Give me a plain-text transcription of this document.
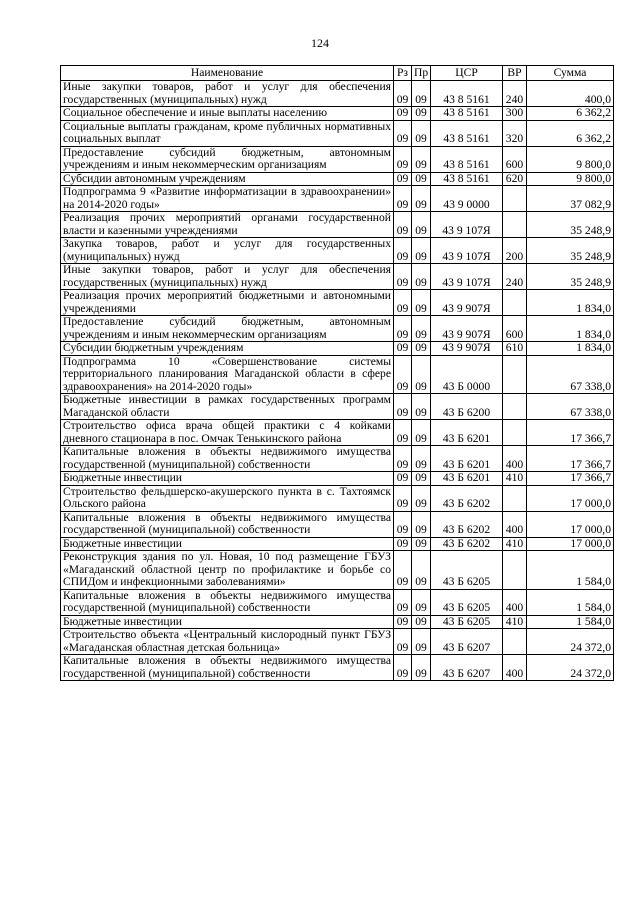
124
Наименование	Рз	Пр	ЦСР	ВР	Сумма
Иные закупки товаров, работ и услуг для обеспечения государственных (муниципальных) нужд	09	09	43 8 5161	240	400,0
Социальное обеспечение и иные выплаты населению	09	09	43 8 5161	300	6 362,2
Социальные выплаты гражданам, кроме публичных нормативных социальных выплат	09	09	43 8 5161	320	6 362,2
Предоставление субсидий бюджетным, автономным учреждениям и иным некоммерческим организациям	09	09	43 8 5161	600	9 800,0
Субсидии автономным учреждениям	09	09	43 8 5161	620	9 800,0
Подпрограмма 9 «Развитие информатизации в здравоохранении» на 2014-2020 годы»	09	09	43 9 0000		37 082,9
Реализация прочих мероприятий органами государственной власти и казенными учреждениями	09	09	43 9 107Я		35 248,9
Закупка товаров, работ и услуг для государственных (муниципальных) нужд	09	09	43 9 107Я	200	35 248,9
Иные закупки товаров, работ и услуг для обеспечения государственных (муниципальных) нужд	09	09	43 9 107Я	240	35 248,9
Реализация прочих мероприятий бюджетными и автономными учреждениями	09	09	43 9 907Я		1 834,0
Предоставление субсидий бюджетным, автономным учреждениям и иным некоммерческим организациям	09	09	43 9 907Я	600	1 834,0
Субсидии бюджетным учреждениям	09	09	43 9 907Я	610	1 834,0
Подпрограмма 10 «Совершенствование системы территориального планирования Магаданской области в сфере здравоохранения» на 2014-2020 годы»	09	09	43 Б 0000		67 338,0
Бюджетные инвестиции в рамках государственных программ Магаданской области	09	09	43 Б 6200		67 338,0
Строительство офиса врача общей практики с 4 койками дневного стационара в пос. Омчак Тенькинского района	09	09	43 Б 6201		17 366,7
Капитальные вложения в объекты недвижимого имущества государственной (муниципальной) собственности	09	09	43 Б 6201	400	17 366,7
Бюджетные инвестиции	09	09	43 Б 6201	410	17 366,7
Строительство фельдшерско-акушерского пункта в с. Тахтоямск Ольского района	09	09	43 Б 6202		17 000,0
Капитальные вложения в объекты недвижимого имущества государственной (муниципальной) собственности	09	09	43 Б 6202	400	17 000,0
Бюджетные инвестиции	09	09	43 Б 6202	410	17 000,0
Реконструкция здания по ул. Новая, 10 под размещение ГБУЗ «Магаданский областной центр по профилактике и борьбе со СПИДом и инфекционными заболеваниями»	09	09	43 Б 6205		1 584,0
Капитальные вложения в объекты недвижимого имущества государственной (муниципальной) собственности	09	09	43 Б 6205	400	1 584,0
Бюджетные инвестиции	09	09	43 Б 6205	410	1 584,0
Строительство объекта «Центральный кислородный пункт ГБУЗ «Магаданская областная детская больница»	09	09	43 Б 6207		24 372,0
Капитальные вложения в объекты недвижимого имущества государственной (муниципальной) собственности	09	09	43 Б 6207	400	24 372,0
